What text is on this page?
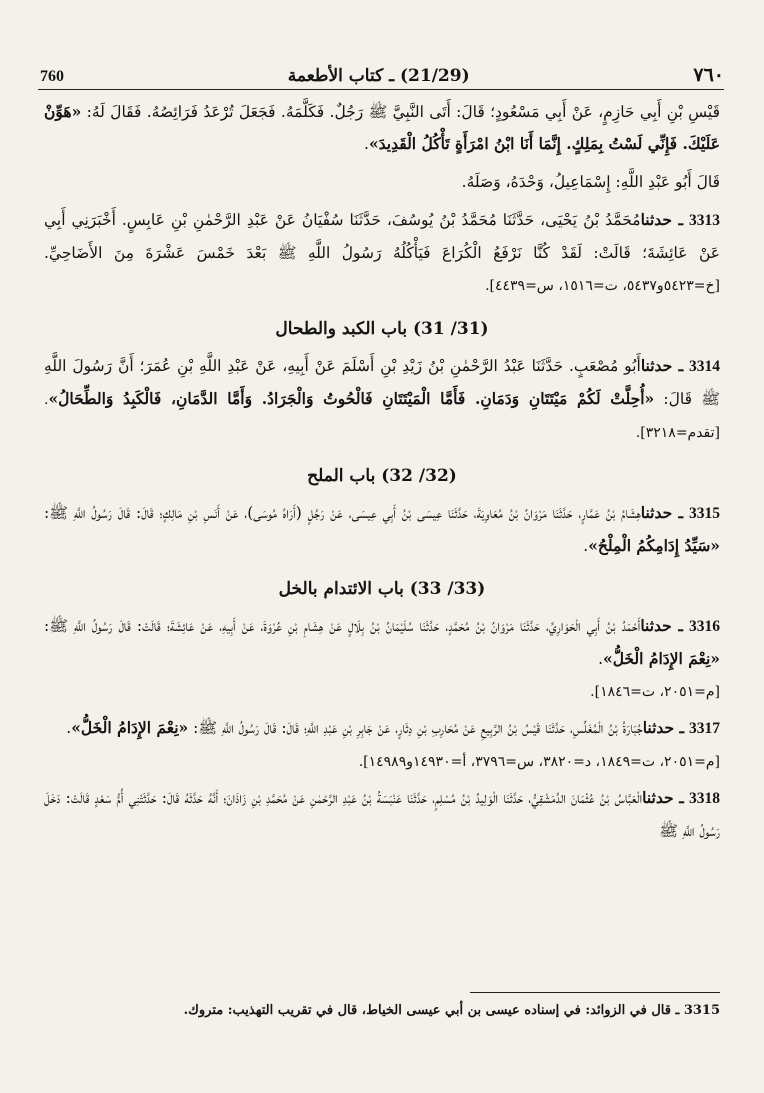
٧٦٠
(21/29) ـ كتاب الأطعمة
760

قَيْسِ بْنِ أَبِي حَازِمٍ، عَنْ أَبِي مَسْعُودٍ؛ قَالَ: أَتَى النَّبِيَّ ﷺ رَجُلٌ. فَكَلَّمَهُ. فَجَعَلَ تُرْعَدُ فَرَائِصُهُ. فَقَالَ لَهُ: «هَوِّنْ عَلَيْكَ. فَإِنِّي لَسْتُ بِمَلِكٍ. إِنَّمَا أَنَا ابْنُ امْرَأَةٍ تَأْكُلُ الْقَدِيدَ».

قَالَ أَبُو عَبْدِ اللَّهِ: إِسْمَاعِيلُ، وَحْدَهُ، وَصَلَهُ.

3313 ـ حدثنامُحَمَّدُ بْنُ يَحْيَى، حَدَّثَنَا مُحَمَّدُ بْنُ يُوسُفَ، حَدَّثَنَا سُفْيَانُ عَنْ عَبْدِ الرَّحْمٰنِ بْنِ عَابِسٍ. أَخْبَرَنِي أَبِي عَنْ عَائِشَةَ؛ قَالَتْ: لَقَدْ كُنَّا نَرْفَعُ الْكُرَاعَ فَيَأْكُلُهُ رَسُولُ اللَّهِ ﷺ بَعْدَ خَمْسَ عَشْرَةَ مِنَ الأَضَاحِيِّ. [خ=٥٤٢٣و٥٤٣٧، ت=١٥١٦، س=٤٤٣٩].

(31/ 31) باب الكبد والطحال

3314 ـ حدثناأَبُو مُصْعَبٍ. حَدَّثَنَا عَبْدُ الرَّحْمٰنِ بْنُ زَيْدِ بْنِ أَسْلَمَ عَنْ أَبِيهِ، عَنْ عَبْدِ اللَّهِ بْنِ عُمَرَ؛ أَنَّ رَسُولَ اللَّهِ ﷺ قَالَ: «أُحِلَّتْ لَكُمْ مَيْتَتَانِ وَدَمَانِ. فَأَمَّا الْمَيْتَتَانِ فَالْحُوتُ وَالْجَرَادُ. وَأَمَّا الدَّمَانِ، فَالْكَبِدُ وَالطِّحَالُ». [تقدم=٣٢١٨].

(32/ 32) باب الملح

3315 ـ حدثناهِشَامُ بْنُ عَمَّارٍ، حَدَّثَنَا مَرْوَانُ بْنُ مُعَاوِيَةَ، حَدَّثَنَا عِيسَى بْنُ أَبِي عِيسَى، عَنْ رَجُلٍ (أَرَاهُ مُوسَى)، عَنْ أَنَسِ بْنِ مَالِكٍ؛ قَالَ: قَالَ رَسُولُ اللَّهِ ﷺ: «سَيِّدُ إِدَامِكُمُ الْمِلْحُ».

(33/ 33) باب الائتدام بالخل

3316 ـ حدثناأَحْمَدُ بْنُ أَبِي الْحَوَارِيِّ، حَدَّثَنَا مَرْوَانُ بْنُ مُحَمَّدٍ، حَدَّثَنَا سُلَيْمَانُ بْنُ بِلَالٍ عَنْ هِشَامِ بْنِ عُرْوَةَ، عَنْ أَبِيهِ، عَنْ عَائِشَةَ؛ قَالَتْ: قَالَ رَسُولُ اللَّهِ ﷺ: «نِعْمَ الإِدَامُ الْخَلُّ».
[م=٢٠٥١، ت=١٨٤٦].

3317 ـ حدثناجُبَارَةُ بْنُ الْمُغَلِّسِ، حَدَّثَنَا قَيْسُ بْنُ الرَّبِيعِ عَنْ مُحَارِبِ بْنِ دِثَارٍ، عَنْ جَابِرِ بْنِ عَبْدِ اللَّهِ؛ قَالَ: قَالَ رَسُولُ اللَّهِ ﷺ: «نِعْمَ الإِدَامُ الْخَلُّ».
[م=٢٠٥١، ت=١٨٤٩، د=٣٨٢٠، س=٣٧٩٦، أ=١٤٩٣٠و١٤٩٨٩].

3318 ـ حدثناالْعَبَّاسُ بْنُ عُثْمَانَ الدِّمَشْقِيُّ، حَدَّثَنَا الْوَلِيدُ بْنُ مُسْلِمٍ، حَدَّثَنَا عَنْبَسَةُ بْنُ عَبْدِ الرَّحْمٰنِ عَنْ مُحَمَّدِ بْنِ زَاذَانَ؛ أَنَّهُ حَدَّثَهُ قَالَ: حَدَّثَتْنِي أُمُّ سَعْدٍ قَالَتْ: دَخَلَ رَسُولُ اللَّهِ ﷺ

3315 ـ قال في الزوائد: في إسناده عيسى بن أبي عيسى الخياط، قال في تقريب التهذيب: متروك.
